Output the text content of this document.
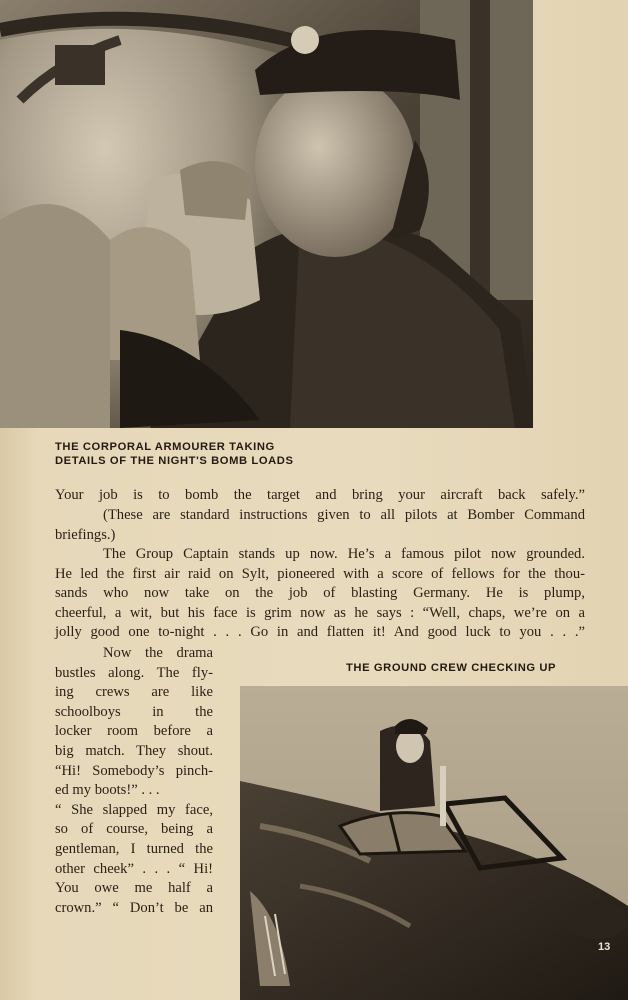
THE CORPORAL ARMOURER TAKING
DETAILS OF THE NIGHT'S BOMB LOADS
Your job is to bomb the target and bring your aircraft back safely.”
(These are standard instructions given to all pilots at Bomber Command
briefings.)
The Group Captain stands up now. He’s a famous pilot now grounded.
He led the first air raid on Sylt, pioneered with a score of fellows for the thou-
sands who now take on the job of blasting Germany. He is plump,
cheerful, a wit, but his face is grim now as he says : “Well, chaps, we’re on a
jolly good one to-night . . . Go in and flatten it! And good luck to you . . .”
THE GROUND CREW CHECKING UP
Now the drama
bustles along. The fly-
ing crews are like
schoolboys in the
locker room before a
big match. They shout.
“Hi! Somebody’s pinch-
ed my boots!” . . .
“ She slapped my face,
so of course, being a
gentleman, I turned the
other cheek” . . . “ Hi!
You owe me half a
crown.” “ Don’t be an
13
